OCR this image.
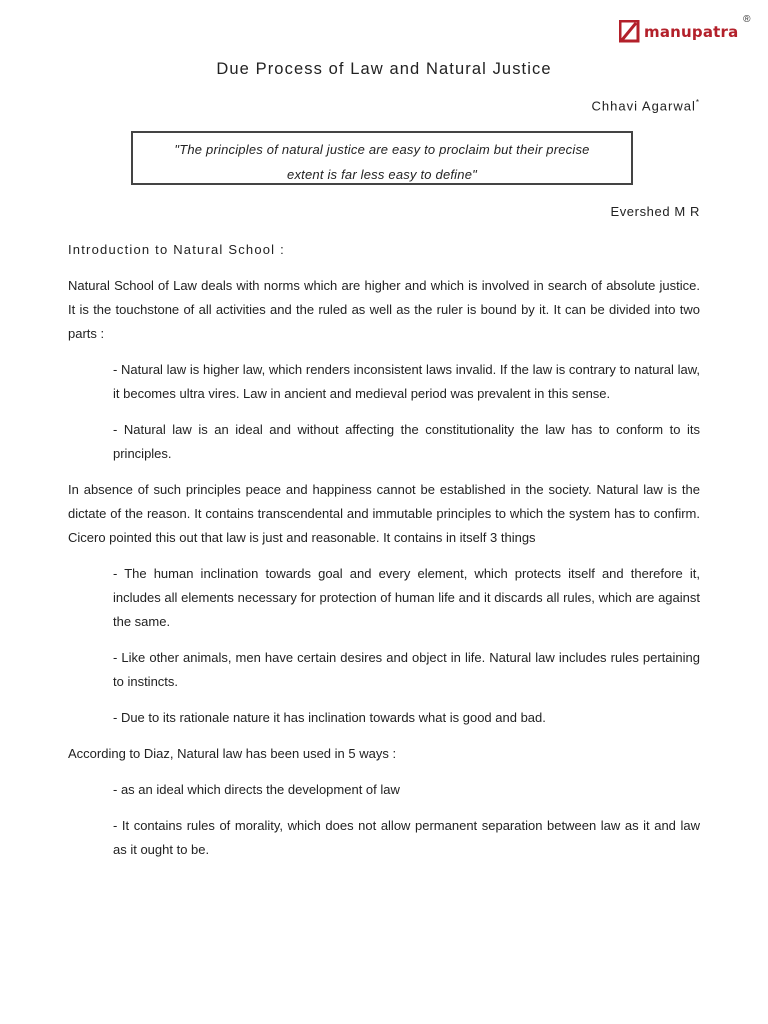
manupatra
®
Due Process of Law and Natural Justice
Chhavi Agarwal*
"The principles of natural justice are easy to proclaim but their precise
extent is far less easy to define"
Evershed M R

Introduction to Natural School :

Natural School of Law deals with norms which are higher and which is involved in search of absolute justice. It is the touchstone of all activities and the ruled as well as the ruler is bound by it. It can be divided into two parts :

- Natural law is higher law, which renders inconsistent laws invalid. If the law is contrary to natural law, it becomes ultra vires. Law in ancient and medieval period was prevalent in this sense.

- Natural law is an ideal and without affecting the constitutionality the law has to conform to its principles.

In absence of such principles peace and happiness cannot be established in the society. Natural law is the dictate of the reason. It contains transcendental and immutable principles to which the system has to confirm. Cicero pointed this out that law is just and reasonable. It contains in itself 3 things

- The human inclination towards goal and every element, which protects itself and therefore it, includes all elements necessary for protection of human life and it discards all rules, which are against the same.

- Like other animals, men have certain desires and object in life. Natural law includes rules pertaining to instincts.

- Due to its rationale nature it has inclination towards what is good and bad.

According to Diaz, Natural law has been used in 5 ways :

- as an ideal which directs the development of law

- It contains rules of morality, which does not allow permanent separation between law as it and law as it ought to be.
